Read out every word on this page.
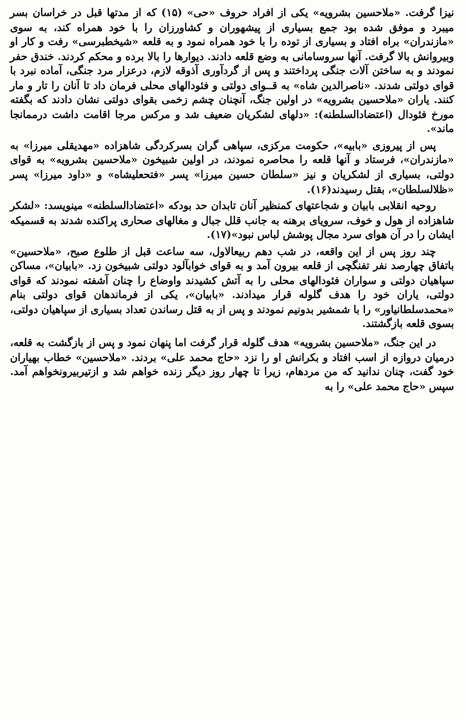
نیزا گرفت. «ملاحسین بشرویه» یکی از افراد حروف «حی» (۱۵) که از مدتها قبل در خراسان بسر میبرد و موفق شده بود جمع بسیاری از پیشهوران و کشاورزان را با خود همراه کند، به سوی «مازندران» براه افتاد و بسیاری از توده را با خود همراه نمود و به قلعه «شیخطبرسی» رفت و کار او وبیروانش بالا گرفت. آنها سروسامانی به وضع قلعه دادند. دیوارها را بالا برده و محکم کردند. خندق حفر نمودند و به ساختن آلات جنگی پرداختند و پس از گردآوری آذوقه لازم، درعزار مرد جنگی، آماده نبرد با قوای دولتی شدند. «ناصرالدین شاه» به قــوای دولتی و فئودالهای محلی فرمان داد تا آنان را تار و مار کنند. یاران «ملاحسین بشرویه» در اولین جنگ، آنچنان چشم زخمی بقوای دولتی نشان دادند که بگفته مورخ فئودال (اعتضادالسلطنه): «دلهای لشکریان ضعیف شد و مرکس مرجا اقامت داشت درممانجا ماند».

پس از پیروزی «بابیه»، حکومت مرکزی، سپاهی گران بسرکردگی شاهزاده «مهدیقلی میرزا» به «مازندران»، فرستاد و آنها قلعه را محاصره نمودند، در اولین شبیخون «ملاحسین بشرویه» به قوای دولتی، بسیاری از لشکریان و نیز «سلطان حسین میرزا» پسر «فتحعلیشاه» و «داود میرزا» پسر «ظلالسلطان»، بقتل رسیدند(۱۶).

روحیه انقلابی بابیان و شجاعتهای کمنظیر آنان تابدان حد بودکه «اعتضادالسلطنه» مینویسد: «لشکر شاهزاده از هول و خوف، سرویای برهنه به جانب قلل جبال و مغالهای صحاری پراکنده شدند به قسمیکه ایشان را در آن هوای سرد مجال پوشش لباس نبود»(۱۷).

چند روز پس از این واقعه، در شب دهم ربیعالاول، سه ساعت قبل از طلوع صبح، «ملاحسین» باتفاق چهارصد نفر تفنگچی از قلعه بیرون آمد و به قوای خوابآلود دولتی شبیخون زد. «بابیان»، مساکن سپاهیان دولتی و سواران فئودالهای محلی را به آتش کشیدند واوضاع را چنان آشفته نمودند که قوای دولتی، یاران خود را هدف گلوله قرار میدادند. «بابیان»، یکی از فرماندهان قوای دولتی بنام «محمدسلطانیاور» را با شمشیر بدونیم نمودند و پس از به قتل رساندن تعداد بسیاری از سپاهیان دولتی، بسوی قلعه بازگشتند.

در این جنگ، «ملاحسین بشرویه» هدف گلوله قرار گرفت اما پنهان نمود و پس از بازگشت به قلعه، درمیان دروازه از اسب افتاد و بکرانش او را نزد «حاج محمد علی» بردند. «ملاحسین» خطاب بهیاران خود گفت، چنان ندانید که من مردهام، زیرا تا چهار روز دیگر زنده خواهم شد و ازتیربیرونخواهم آمد. سپس «حاج محمد علی» را به
